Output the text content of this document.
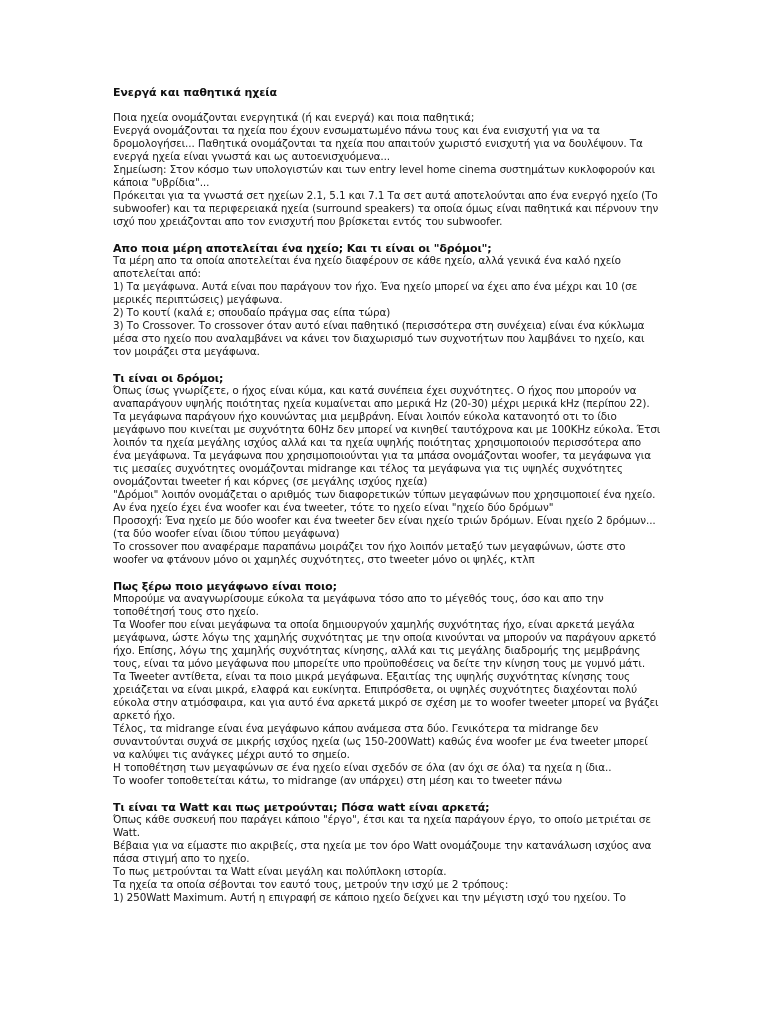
Ενεργά και παθητικά ηχεία

Ποια ηχεία ονομάζονται ενεργητικά (ή και ενεργά) και ποια παθητικά;

Ενεργά ονομάζονται τα ηχεία που έχουν ενσωματωμένο πάνω τους και ένα ενισχυτή για να τα δρομολογήσει... Παθητικά ονομάζονται τα ηχεία που απαιτούν χωριστό ενισχυτή για να δουλέψουν. Τα ενεργά ηχεία είναι γνωστά και ως αυτοενισχυόμενα...

Σημείωση: Στον κόσμο των υπολογιστών και των entry level home cinema συστημάτων κυκλοφορούν και κάποια "υβρίδια"...

Πρόκειται για τα γνωστά σετ ηχείων 2.1, 5.1 και 7.1 Τα σετ αυτά αποτελούνται απο ένα ενεργό ηχείο (Το subwoofer) και τα περιφερειακά ηχεία (surround speakers) τα οποία όμως είναι παθητικά και πέρνουν την ισχύ που χρειάζονται απο τον ενισχυτή που βρίσκεται εντός του subwoofer.

Απο ποια μέρη αποτελείται ένα ηχείο; Και τι είναι οι "δρόμοι";

Τα μέρη απο τα οποία αποτελείται ένα ηχείο διαφέρουν σε κάθε ηχείο, αλλά γενικά ένα καλό ηχείο αποτελείται από:

1) Τα μεγάφωνα. Αυτά είναι που παράγουν τον ήχο. Ένα ηχείο μπορεί να έχει απο ένα μέχρι και 10 (σε μερικές περιπτώσεις) μεγάφωνα.

2) Το κουτί (καλά ε; σπουδαίο πράγμα σας είπα τώρα)

3) Το Crossover. Το crossover όταν αυτό είναι παθητικό (περισσότερα στη συνέχεια) είναι ένα κύκλωμα μέσα στο ηχείο που αναλαμβάνει να κάνει τον διαχωρισμό των συχνοτήτων που λαμβάνει το ηχείο, και τον μοιράζει στα μεγάφωνα.

Τι είναι οι δρόμοι;

Όπως ίσως γνωρίζετε, ο ήχος είναι κύμα, και κατά συνέπεια έχει συχνότητες. Ο ήχος που μπορούν να αναπαράγουν υψηλής ποιότητας ηχεία κυμαίνεται απο μερικά Hz (20-30) μέχρι μερικά kHz (περίπου 22). Τα μεγάφωνα παράγουν ήχο κουνώντας μια μεμβράνη. Είναι λοιπόν εύκολα κατανοητό οτι το ίδιο μεγάφωνο που κινείται με συχνότητα 60Hz δεν μπορεί να κινηθεί ταυτόχρονα και με 100KHz εύκολα. Έτσι λοιπόν τα ηχεία μεγάλης ισχύος αλλά και τα ηχεία υψηλής ποιότητας χρησιμοποιούν περισσότερα απο ένα μεγάφωνα. Τα μεγάφωνα που χρησιμοποιούνται για τα μπάσα ονομάζονται woofer, τα μεγάφωνα για τις μεσαίες συχνότητες ονομάζονται midrange και τέλος τα μεγάφωνα για τις υψηλές συχνότητες ονομάζονται tweeter ή και κόρνες (σε μεγάλης ισχύος ηχεία)

"Δρόμοι" λοιπόν ονομάζεται ο αριθμός των διαφορετικών τύπων μεγαφώνων που χρησιμοποιεί ένα ηχείο. Αν ένα ηχείο έχει ένα woofer και ένα tweeter, τότε το ηχείο είναι "ηχείο δύο δρόμων"

Προσοχή: Ένα ηχείο με δύο woofer και ένα tweeter δεν είναι ηχείο τριών δρόμων. Είναι ηχείο 2 δρόμων... (τα δύο woofer είναι ίδιου τύπου μεγάφωνα)

Το crossover που αναφέραμε παραπάνω μοιράζει τον ήχο λοιπόν μεταξύ των μεγαφώνων, ώστε στο woofer να φτάνουν μόνο οι χαμηλές συχνότητες, στο tweeter μόνο οι ψηλές, κτλπ

Πως ξέρω ποιο μεγάφωνο είναι ποιο;

Μπορούμε να αναγνωρίσουμε εύκολα τα μεγάφωνα τόσο απο το μέγεθός τους, όσο και απο την τοποθέτησή τους στο ηχείο.

Τα Woofer που είναι μεγάφωνα τα οποία δημιουργούν χαμηλής συχνότητας ήχο, είναι αρκετά μεγάλα μεγάφωνα, ώστε λόγω της χαμηλής συχνότητας με την οποία κινούνται να μπορούν να παράγουν αρκετό ήχο. Επίσης, λόγω της χαμηλής συχνότητας κίνησης, αλλά και τις μεγάλης διαδρομής της μεμβράνης τους, είναι τα μόνο μεγάφωνα που μπορείτε υπο προϋποθέσεις να δείτε την κίνηση τους με γυμνό μάτι.

Τα Tweeter αντίθετα, είναι τα ποιο μικρά μεγάφωνα. Εξαιτίας της υψηλής συχνότητας κίνησης τους χρειάζεται να είναι μικρά, ελαφρά και ευκίνητα. Επιπρόσθετα, οι υψηλές συχνότητες διαχέονται πολύ εύκολα στην ατμόσφαιρα, και για αυτό ένα αρκετά μικρό σε σχέση με το woofer tweeter μπορεί να βγάζει αρκετό ήχο.

Τέλος, τα midrange είναι ένα μεγάφωνο κάπου ανάμεσα στα δύο. Γενικότερα τα midrange δεν συναντούνται συχνά σε μικρής ισχύος ηχεία (ως 150-200Watt) καθώς ένα woofer με ένα tweeter μπορεί να καλύψει τις ανάγκες μέχρι αυτό το σημείο.

Η τοποθέτηση των μεγαφώνων σε ένα ηχείο είναι σχεδόν σε όλα (αν όχι σε όλα) τα ηχεία η ίδια..

Το woofer τοποθετείται κάτω, το midrange (αν υπάρχει) στη μέση και το tweeter πάνω

Τι είναι τα Watt και πως μετρούνται; Πόσα watt είναι αρκετά;

Όπως κάθε συσκευή που παράγει κάποιο "έργο", έτσι και τα ηχεία παράγουν έργο, το οποίο μετριέται σε Watt.

Βέβαια για να είμαστε πιο ακριβείς, στα ηχεία με τον όρο Watt ονομάζουμε την κατανάλωση ισχύος ανα πάσα στιγμή απο το ηχείο.

Το πως μετρούνται τα Watt είναι μεγάλη και πολύπλοκη ιστορία.

Τα ηχεία τα οποία σέβονται τον εαυτό τους, μετρούν την ισχύ με 2 τρόπους:

1) 250Watt Maximum. Αυτή η επιγραφή σε κάποιο ηχείο δείχνει και την μέγιστη ισχύ του ηχείου. Το
